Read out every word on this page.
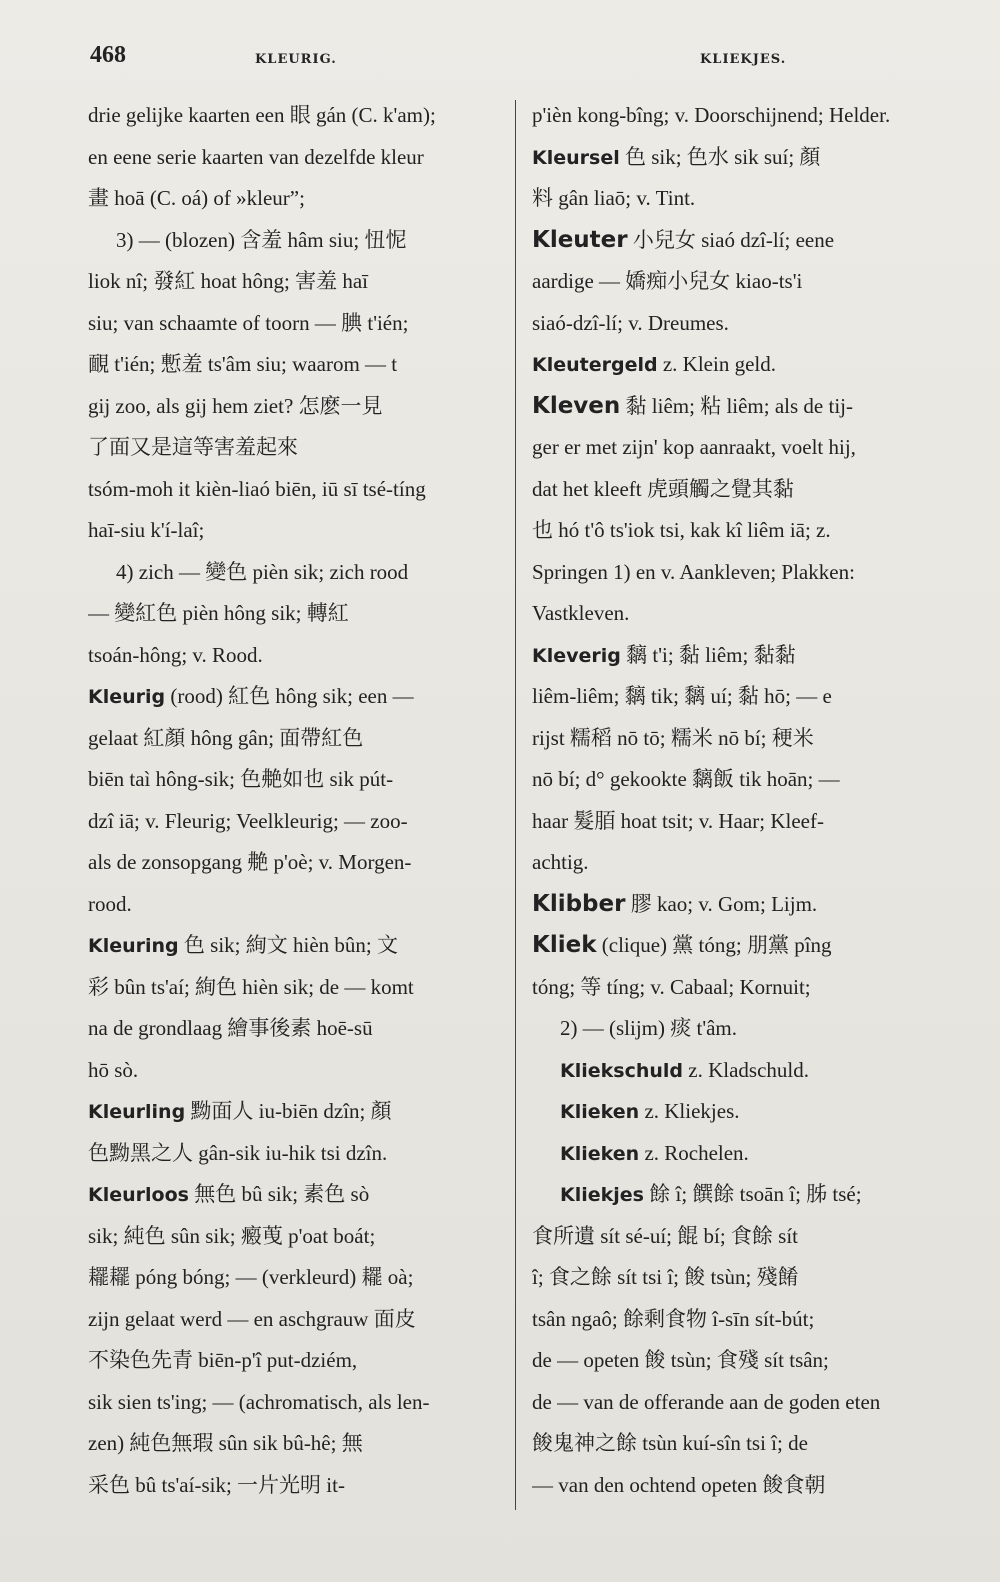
468	KLEURIG.	KLIEKJES.
drie gelijke kaarten een 眼 gán (C. k'am);
en eene serie kaarten van dezelfde kleur
畫 hoā (C. oá) of »kleur”;
3) — (blozen) 含羞 hâm siu; 忸怩
liok nî; 發紅 hoat hông; 害羞 haī
siu; van schaamte of toorn — 腆 t'ién;
靦 t'ién; 慙羞 ts'âm siu; waarom — t
gij zoo, als gij hem ziet? 怎麽一見
了面又是這等害羞起來
tsóm-moh it kièn-liaó biēn, iū sī tsé-tíng
haī-siu k'í-laî;
4) zich — 變色 pièn sik; zich rood
— 變紅色 pièn hông sik; 轉紅
tsoán-hông; v. Rood.
Kleurig (rood) 紅色 hông sik; een —
gelaat 紅顏 hông gân; 面帶紅色
biēn taì hông-sik; 色艴如也 sik pút-
dzî iā; v. Fleurig; Veelkleurig; — zoo-
als de zonsopgang 艴 p'oè; v. Morgen-
rood.
Kleuring 色 sik; 絢文 hièn bûn; 文
彩 bûn ts'aí; 絢色 hièn sik; de — komt
na de grondlaag 繪事後素 hoē-sū
hō sò.
Kleurling 黝面人 iu-biēn dzîn; 顏
色黝黑之人 gân-sik iu-hik tsi dzîn.
Kleurloos 無色 bû sik; 素色 sò
sik; 純色 sûn sik; 㿄䒶 p'oat boát;
䎱䎱 póng bóng; — (verkleurd) 䎱 oà;
zijn gelaat werd — en aschgrauw 面皮
不染色先青 biēn-p'î put-dziém,
sik sien ts'ing; — (achromatisch, als len-
zen) 純色無瑕 sûn sik bû-hê; 無
采色 bû ts'aí-sik; 一片光明 it-
p'ièn kong-bîng; v. Doorschijnend; Helder.
Kleursel 色 sik; 色水 sik suí; 顏
料 gân liaō; v. Tint.
Kleuter 小兒女 siaó dzî-lí; eene
aardige — 嬌痴小兒女 kiao-ts'i
siaó-dzî-lí; v. Dreumes.
Kleutergeld z. Klein geld.
Kleven 黏 liêm; 粘 liêm; als de tij-
ger er met zijn' kop aanraakt, voelt hij,
dat het kleeft 虎頭觸之覺其黏
也 hó t'ô ts'iok tsi, kak kî liêm iā; z.
Springen 1) en v. Aankleven; Plakken:
Vastkleven.
Kleverig 黐 t'i; 黏 liêm; 黏黏
liêm-liêm; 黐 tik; 黐 uí; 黏 hō; — e
rijst 糯稻 nō tō; 糯米 nō bí; 稉米
nō bí; d° gekookte 黐飯 tik hoān; —
haar 髮脜 hoat tsit; v. Haar; Kleef-
achtig.
Klibber 膠 kao; v. Gom; Lijm.
Kliek (clique) 黨 tóng; 朋黨 pîng
tóng; 等 tíng; v. Cabaal; Kornuit;
2) — (slijm) 痰 t'âm.
Kliekschuld z. Kladschuld.
Klieken z. Kliekjes.
Klieken z. Rochelen.
Kliekjes 餘 î; 饌餘 tsoān î; 胏 tsé;
食所遺 sít sé-uí; 餛 bí; 食餘 sít
î; 食之餘 sít tsi î; 餕 tsùn; 殘餚
tsân ngaô; 餘剩食物 î-sīn sít-bút;
de — opeten 餕 tsùn; 食殘 sít tsân;
de — van de offerande aan de goden eten
餕鬼神之餘 tsùn kuí-sîn tsi î; de
— van den ochtend opeten 餕食朝
